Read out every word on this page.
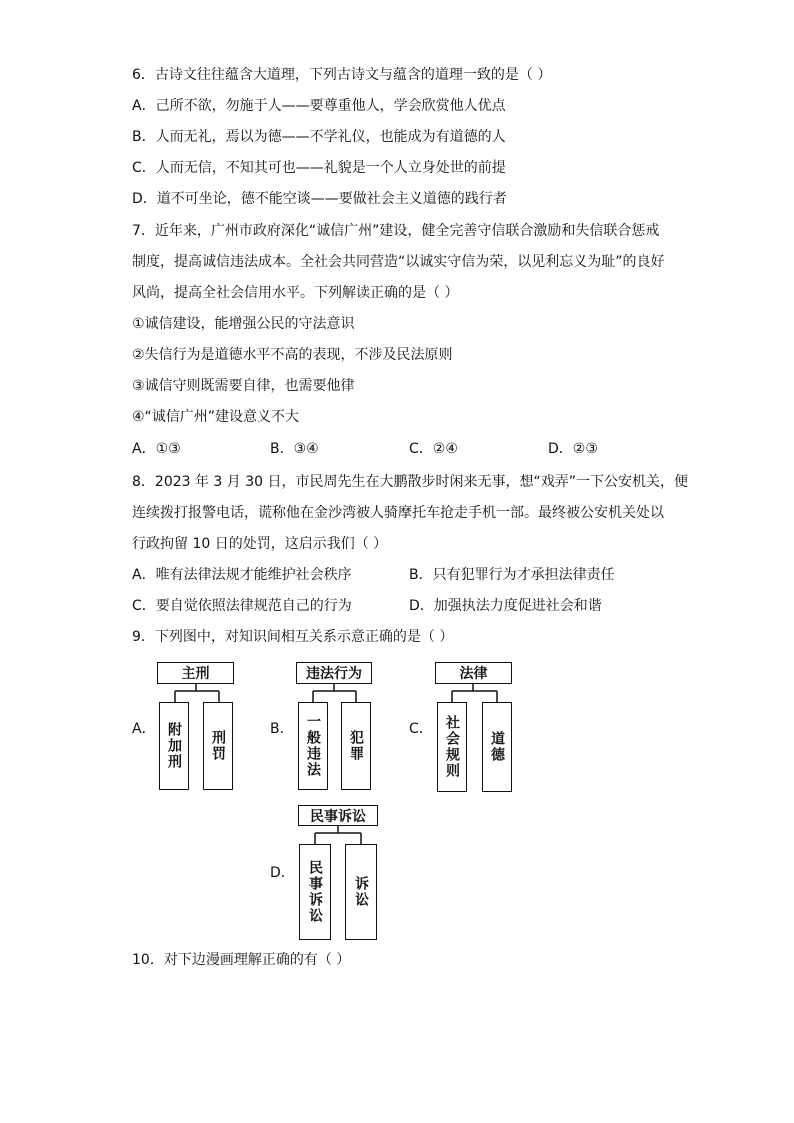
6．古诗文往往蕴含大道理，下列古诗文与蕴含的道理一致的是（ ）
A．己所不欲，勿施于人——要尊重他人，学会欣赏他人优点
B．人而无礼，焉以为德——不学礼仪，也能成为有道德的人
C．人而无信，不知其可也——礼貌是一个人立身处世的前提
D．道不可坐论，德不能空谈——要做社会主义道德的践行者
7．近年来，广州市政府深化“诚信广州”建设，健全完善守信联合激励和失信联合惩戒
制度，提高诚信违法成本。全社会共同营造“以诚实守信为荣，以见利忘义为耻”的良好
风尚，提高全社会信用水平。下列解读正确的是（ ）
①诚信建设，能增强公民的守法意识
②失信行为是道德水平不高的表现，不涉及民法原则
③诚信守则既需要自律，也需要他律
④“诚信广州”建设意义不大
A．①③	B．③④	C．②④	D．②③
8．2023 年 3 月 30 日，市民周先生在大鹏散步时闲来无事，想“戏弄”一下公安机关，便
连续拨打报警电话，谎称他在金沙湾被人骑摩托车抢走手机一部。最终被公安机关处以
行政拘留 10 日的处罚，这启示我们（ ）
A．唯有法律法规才能维护社会秩序	B．只有犯罪行为才承担法律责任
C．要自觉依照法律规范自己的行为	D．加强执法力度促进社会和谐
9．下列图中，对知识间相互关系示意正确的是（ ）
A．
主刑
附加刑	刑罚
B．
违法行为
一般违法	犯罪
C．
法律
社会规则	道德
D．
民事诉讼
民事诉讼	诉讼
10．对下边漫画理解正确的有（ ）
